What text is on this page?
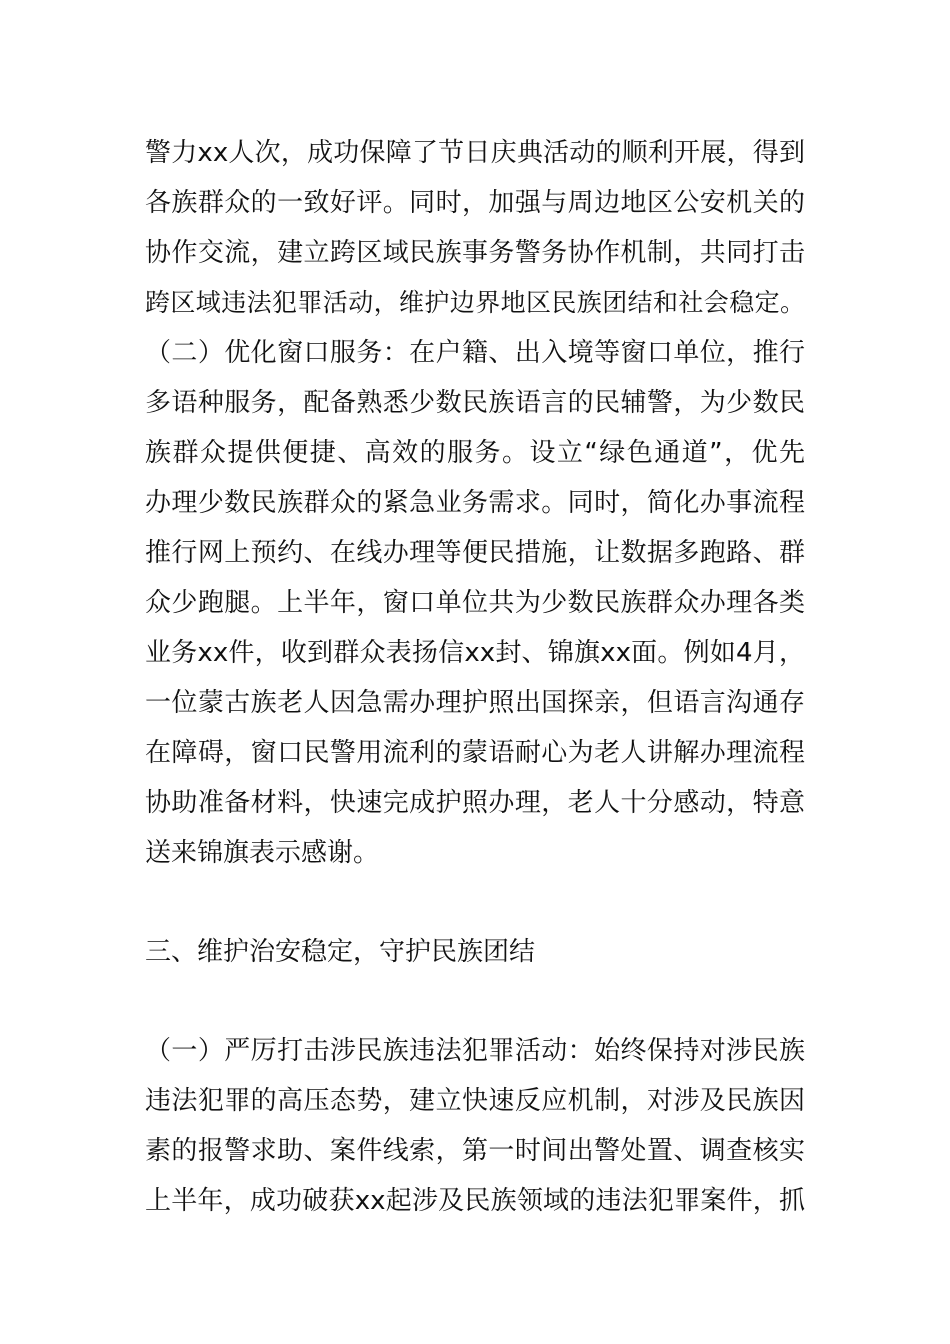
警力xx人次，成功保障了节日庆典活动的顺利开展，得到
各族群众的一致好评。同时，加强与周边地区公安机关的
协作交流，建立跨区域民族事务警务协作机制，共同打击
跨区域违法犯罪活动，维护边界地区民族团结和社会稳定。
（二）优化窗口服务：在户籍、出入境等窗口单位，推行
多语种服务，配备熟悉少数民族语言的民辅警，为少数民
族群众提供便捷、高效的服务。设立“绿色通道”，优先
办理少数民族群众的紧急业务需求。同时，简化办事流程
推行网上预约、在线办理等便民措施，让数据多跑路、群
众少跑腿。上半年，窗口单位共为少数民族群众办理各类
业务xx件，收到群众表扬信xx封、锦旗xx面。例如4月，
一位蒙古族老人因急需办理护照出国探亲，但语言沟通存
在障碍，窗口民警用流利的蒙语耐心为老人讲解办理流程
协助准备材料，快速完成护照办理，老人十分感动，特意
送来锦旗表示感谢。
三、维护治安稳定，守护民族团结
（一）严厉打击涉民族违法犯罪活动：始终保持对涉民族
违法犯罪的高压态势，建立快速反应机制，对涉及民族因
素的报警求助、案件线索，第一时间出警处置、调查核实
上半年，成功破获xx起涉及民族领域的违法犯罪案件，抓
